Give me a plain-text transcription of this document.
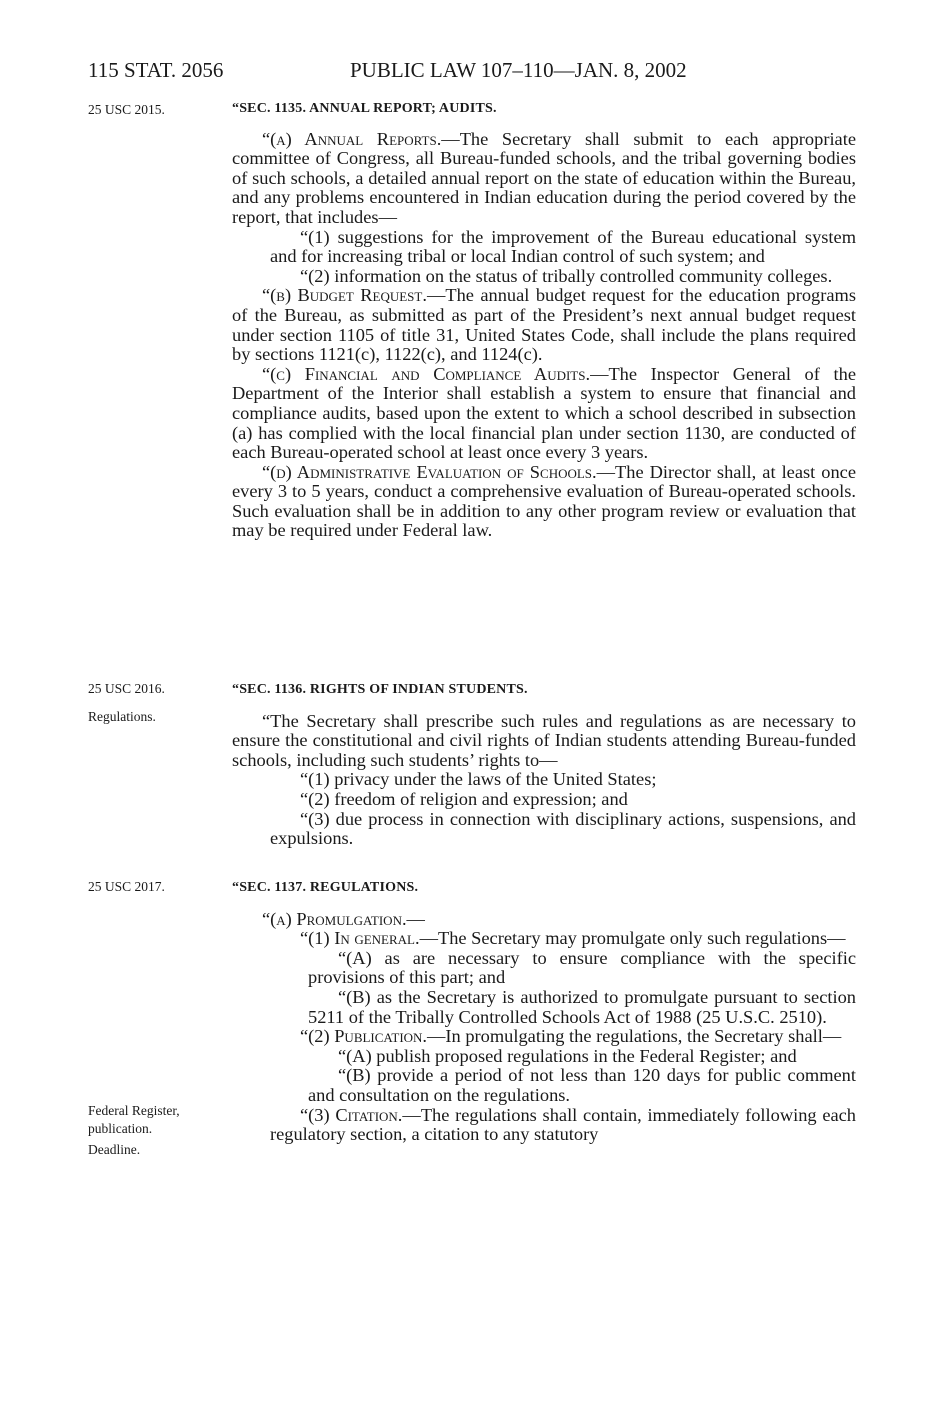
115 STAT. 2056	PUBLIC LAW 107–110—JAN. 8, 2002
25 USC 2015.
25 USC 2016.
Regulations.
25 USC 2017.
Federal Register, publication.
Deadline.

“SEC. 1135. ANNUAL REPORT; AUDITS.

“(a) Annual Reports.—The Secretary shall submit to each appropriate committee of Congress, all Bureau-funded schools, and the tribal governing bodies of such schools, a detailed annual report on the state of education within the Bureau, and any problems encountered in Indian education during the period covered by the report, that includes—

“(1) suggestions for the improvement of the Bureau educational system and for increasing tribal or local Indian control of such system; and

“(2) information on the status of tribally controlled community colleges.

“(b) Budget Request.—The annual budget request for the education programs of the Bureau, as submitted as part of the President’s next annual budget request under section 1105 of title 31, United States Code, shall include the plans required by sections 1121(c), 1122(c), and 1124(c).

“(c) Financial and Compliance Audits.—The Inspector General of the Department of the Interior shall establish a system to ensure that financial and compliance audits, based upon the extent to which a school described in subsection (a) has complied with the local financial plan under section 1130, are conducted of each Bureau-operated school at least once every 3 years.

“(d) Administrative Evaluation of Schools.—The Director shall, at least once every 3 to 5 years, conduct a comprehensive evaluation of Bureau-operated schools. Such evaluation shall be in addition to any other program review or evaluation that may be required under Federal law.

“SEC. 1136. RIGHTS OF INDIAN STUDENTS.

“The Secretary shall prescribe such rules and regulations as are necessary to ensure the constitutional and civil rights of Indian students attending Bureau-funded schools, including such students’ rights to—

“(1) privacy under the laws of the United States;

“(2) freedom of religion and expression; and

“(3) due process in connection with disciplinary actions, suspensions, and expulsions.

“SEC. 1137. REGULATIONS.

“(a) Promulgation.—

“(1) In general.—The Secretary may promulgate only such regulations—

“(A) as are necessary to ensure compliance with the specific provisions of this part; and

“(B) as the Secretary is authorized to promulgate pursuant to section 5211 of the Tribally Controlled Schools Act of 1988 (25 U.S.C. 2510).

“(2) Publication.—In promulgating the regulations, the Secretary shall—

“(A) publish proposed regulations in the Federal Register; and

“(B) provide a period of not less than 120 days for public comment and consultation on the regulations.

“(3) Citation.—The regulations shall contain, immediately following each regulatory section, a citation to any statutory
